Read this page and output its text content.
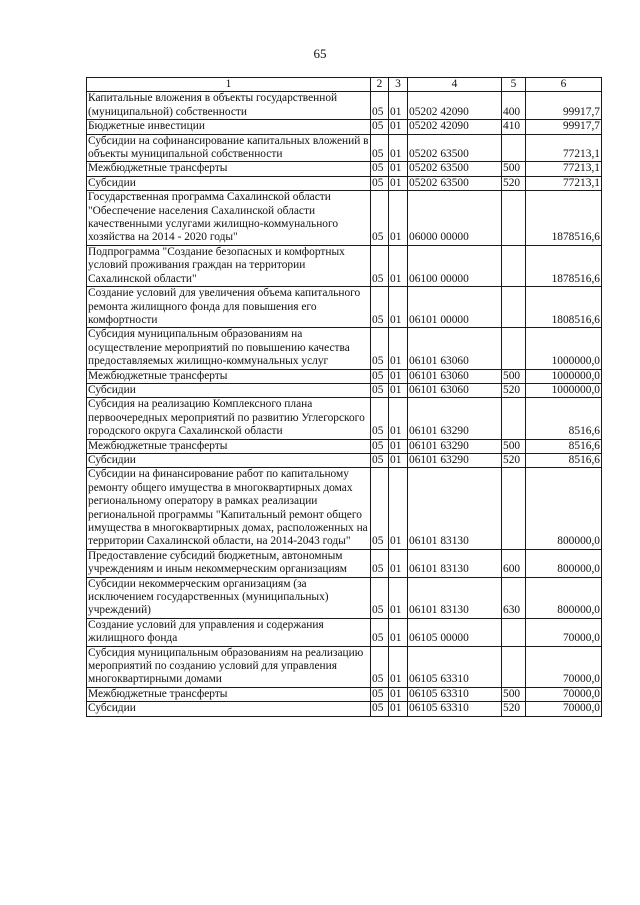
65
1	2	3	4	5	6
Капитальные вложения в объекты государственной (муниципальной) собственности	05	01	05202 42090	400	99917,7
Бюджетные инвестиции	05	01	05202 42090	410	99917,7
Субсидии на софинансирование капитальных вложений в объекты муниципальной собственности	05	01	05202 63500		77213,1
Межбюджетные трансферты	05	01	05202 63500	500	77213,1
Субсидии	05	01	05202 63500	520	77213,1
Государственная программа Сахалинской области "Обеспечение населения Сахалинской области качественными услугами жилищно-коммунального хозяйства на 2014 - 2020 годы"	05	01	06000 00000		1878516,6
Подпрограмма "Создание безопасных и комфортных условий проживания граждан на территории Сахалинской области"	05	01	06100 00000		1878516,6
Создание условий для увеличения объема капитального ремонта жилищного фонда для повышения его комфортности	05	01	06101 00000		1808516,6
Субсидия муниципальным образованиям на осуществление мероприятий по повышению качества предоставляемых жилищно-коммунальных услуг	05	01	06101 63060		1000000,0
Межбюджетные трансферты	05	01	06101 63060	500	1000000,0
Субсидии	05	01	06101 63060	520	1000000,0
Субсидия на реализацию Комплексного плана первоочередных мероприятий по развитию Углегорского городского округа Сахалинской области	05	01	06101 63290		8516,6
Межбюджетные трансферты	05	01	06101 63290	500	8516,6
Субсидии	05	01	06101 63290	520	8516,6
Субсидии на финансирование работ по капитальному ремонту общего имущества в многоквартирных домах региональному оператору в рамках реализации региональной программы "Капитальный ремонт общего имущества в многоквартирных домах, расположенных на территории Сахалинской области, на 2014-2043 годы"	05	01	06101 83130		800000,0
Предоставление субсидий бюджетным, автономным учреждениям и иным некоммерческим организациям	05	01	06101 83130	600	800000,0
Субсидии некоммерческим организациям (за исключением государственных (муниципальных) учреждений)	05	01	06101 83130	630	800000,0
Создание условий для управления и содержания жилищного фонда	05	01	06105 00000		70000,0
Субсидия муниципальным образованиям на реализацию мероприятий по созданию условий для управления многоквартирными домами	05	01	06105 63310		70000,0
Межбюджетные трансферты	05	01	06105 63310	500	70000,0
Субсидии	05	01	06105 63310	520	70000,0
